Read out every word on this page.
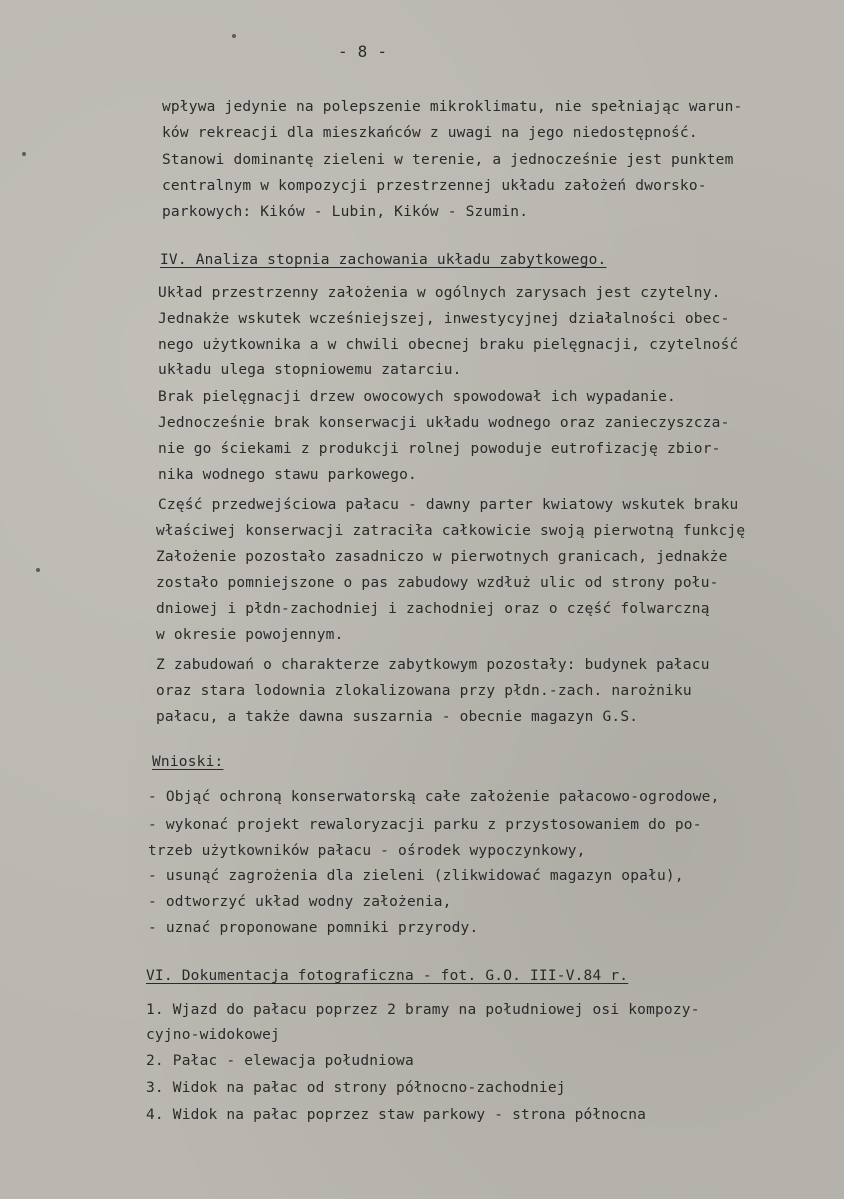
- 8 -
wpływa jedynie na polepszenie mikroklimatu, nie spełniając warun-
ków rekreacji dla mieszkańców z uwagi na jego niedostępność.
Stanowi dominantę zieleni w terenie, a jednocześnie jest punktem
centralnym w kompozycji przestrzennej układu założeń dworsko-
parkowych: Kików - Lubin, Kików - Szumin.
IV. Analiza stopnia zachowania układu zabytkowego.
Układ przestrzenny założenia w ogólnych zarysach jest czytelny.
Jednakże wskutek wcześniejszej, inwestycyjnej działalności obec-
nego użytkownika a w chwili obecnej braku pielęgnacji, czytelność
układu ulega stopniowemu zatarciu.
Brak pielęgnacji drzew owocowych spowodował ich wypadanie.
Jednocześnie brak konserwacji układu wodnego oraz zanieczyszcza-
nie go ściekami z produkcji rolnej powoduje eutrofizację zbior-
nika wodnego stawu parkowego.
Część przedwejściowa pałacu - dawny parter kwiatowy wskutek braku
właściwej konserwacji zatraciła całkowicie swoją pierwotną funkcję
Założenie pozostało zasadniczo w pierwotnych granicach, jednakże
zostało pomniejszone o pas zabudowy wzdłuż ulic od strony połu-
dniowej i płdn-zachodniej i zachodniej oraz o część folwarczną
w okresie powojennym.
Z zabudowań o charakterze zabytkowym pozostały: budynek pałacu
oraz stara lodownia zlokalizowana przy płdn.-zach. narożniku
pałacu, a także dawna suszarnia - obecnie magazyn G.S.
Wnioski:
- Objąć ochroną konserwatorską całe założenie pałacowo-ogrodowe,
- wykonać projekt rewaloryzacji parku z przystosowaniem do po-
trzeb użytkowników pałacu - ośrodek wypoczynkowy,
- usunąć zagrożenia dla zieleni (zlikwidować magazyn opału),
- odtworzyć układ wodny założenia,
- uznać proponowane pomniki przyrody.
VI. Dokumentacja fotograficzna - fot. G.O. III-V.84 r.
1. Wjazd do pałacu poprzez 2 bramy na południowej osi kompozy-
cyjno-widokowej
2. Pałac - elewacja południowa
3. Widok na pałac od strony północno-zachodniej
4. Widok na pałac poprzez staw parkowy - strona północna
